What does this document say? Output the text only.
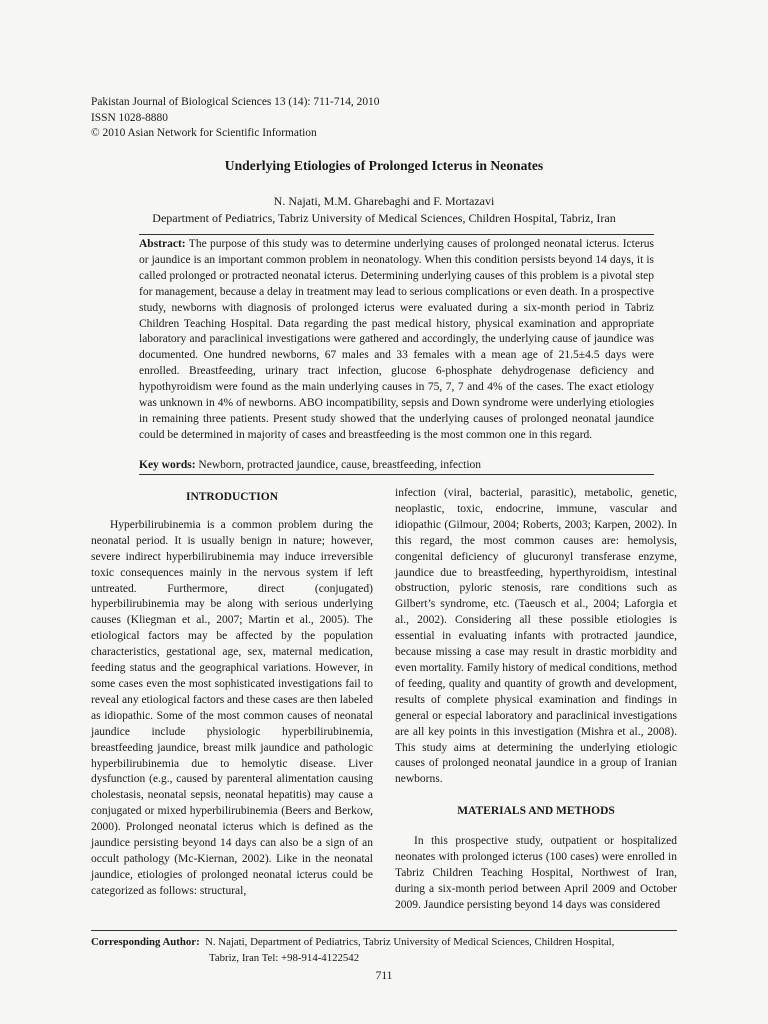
Pakistan Journal of Biological Sciences 13 (14): 711-714, 2010
ISSN 1028-8880
© 2010 Asian Network for Scientific Information
Underlying Etiologies of Prolonged Icterus in Neonates
N. Najati, M.M. Gharebaghi and F. Mortazavi
Department of Pediatrics, Tabriz University of Medical Sciences, Children Hospital, Tabriz, Iran
Abstract: The purpose of this study was to determine underlying causes of prolonged neonatal icterus. Icterus or jaundice is an important common problem in neonatology. When this condition persists beyond 14 days, it is called prolonged or protracted neonatal icterus. Determining underlying causes of this problem is a pivotal step for management, because a delay in treatment may lead to serious complications or even death. In a prospective study, newborns with diagnosis of prolonged icterus were evaluated during a six-month period in Tabriz Children Teaching Hospital. Data regarding the past medical history, physical examination and appropriate laboratory and paraclinical investigations were gathered and accordingly, the underlying cause of jaundice was documented. One hundred newborns, 67 males and 33 females with a mean age of 21.5±4.5 days were enrolled. Breastfeeding, urinary tract infection, glucose 6-phosphate dehydrogenase deficiency and hypothyroidism were found as the main underlying causes in 75, 7, 7 and 4% of the cases. The exact etiology was unknown in 4% of newborns. ABO incompatibility, sepsis and Down syndrome were underlying etiologies in remaining three patients. Present study showed that the underlying causes of prolonged neonatal jaundice could be determined in majority of cases and breastfeeding is the most common one in this regard.
Key words: Newborn, protracted jaundice, cause, breastfeeding, infection
INTRODUCTION

Hyperbilirubinemia is a common problem during the neonatal period. It is usually benign in nature; however, severe indirect hyperbilirubinemia may induce irreversible toxic consequences mainly in the nervous system if left untreated. Furthermore, direct (conjugated) hyperbilirubinemia may be along with serious underlying causes (Kliegman et al., 2007; Martin et al., 2005). The etiological factors may be affected by the population characteristics, gestational age, sex, maternal medication, feeding status and the geographical variations. However, in some cases even the most sophisticated investigations fail to reveal any etiological factors and these cases are then labeled as idiopathic. Some of the most common causes of neonatal jaundice include physiologic hyperbilirubinemia, breastfeeding jaundice, breast milk jaundice and pathologic hyperbilirubinemia due to hemolytic disease. Liver dysfunction (e.g., caused by parenteral alimentation causing cholestasis, neonatal sepsis, neonatal hepatitis) may cause a conjugated or mixed hyperbilirubinemia (Beers and Berkow, 2000). Prolonged neonatal icterus which is defined as the jaundice persisting beyond 14 days can also be a sign of an occult pathology (Mc-Kiernan, 2002). Like in the neonatal jaundice, etiologies of prolonged neonatal icterus could be categorized as follows: structural,

infection (viral, bacterial, parasitic), metabolic, genetic, neoplastic, toxic, endocrine, immune, vascular and idiopathic (Gilmour, 2004; Roberts, 2003; Karpen, 2002). In this regard, the most common causes are: hemolysis, congenital deficiency of glucuronyl transferase enzyme, jaundice due to breastfeeding, hyperthyroidism, intestinal obstruction, pyloric stenosis, rare conditions such as Gilbert’s syndrome, etc. (Taeusch et al., 2004; Laforgia et al., 2002). Considering all these possible etiologies is essential in evaluating infants with protracted jaundice, because missing a case may result in drastic morbidity and even mortality. Family history of medical conditions, method of feeding, quality and quantity of growth and development, results of complete physical examination and findings in general or especial laboratory and paraclinical investigations are all key points in this investigation (Mishra et al., 2008). This study aims at determining the underlying etiologic causes of prolonged neonatal jaundice in a group of Iranian newborns.

MATERIALS AND METHODS

In this prospective study, outpatient or hospitalized neonates with prolonged icterus (100 cases) were enrolled in Tabriz Children Teaching Hospital, Northwest of Iran, during a six-month period between April 2009 and October 2009. Jaundice persisting beyond 14 days was considered

Corresponding Author: N. Najati, Department of Pediatrics, Tabriz University of Medical Sciences, Children Hospital,
Tabriz, Iran Tel: +98-914-4122542
711
